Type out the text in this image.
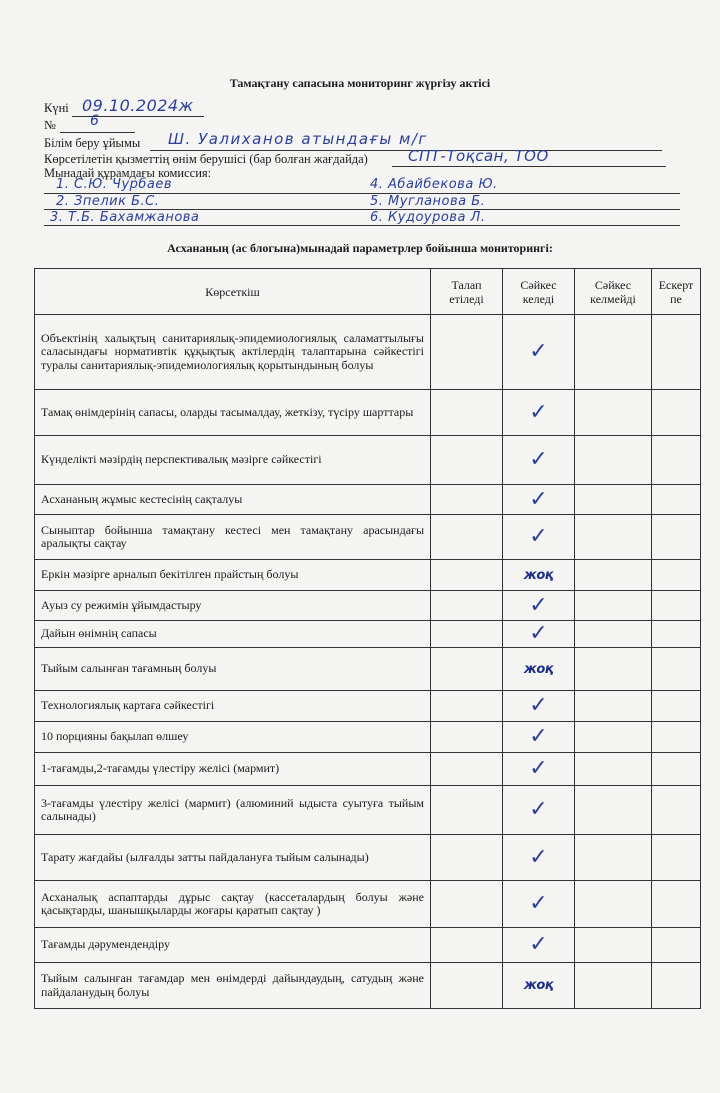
Тамақтану сапасына мониторинг жүргізу актісі
Күні 09.10.2024ж
№ 6
Білім беру ұйымы Ш. Уалиханов атындағы м/г
Көрсетілетін қызметтің өнім берушісі (бар болған жағдайда)	СПТ-Тоқсан, ТОО
Мынадай құрамдағы комиссия:
1. С.Ю. Чурбаев	4. Абайбекова Ю.
2. Зпелик Б.С.	5. Мугланова Б.
3. Т.Б. Бахамжанова	6. Кудоурова Л.
Асхананың (ас блогына)мынадай параметрлер бойынша мониторингі:
Көрсеткіш	Талап етіледі	Сәйкес келеді	Сәйкес келмейді	Ескертпе
Объектінің халықтың санитариялық-эпидемиологиялық саламаттылығы саласындағы нормативтік құқықтық актілердің талаптарына сәйкестігі туралы санитариялық-эпидемиологиялық қорытындының болуы		✓		
Тамақ өнімдерінің сапасы, оларды тасымалдау, жеткізу, түсіру шарттары		✓		
Күнделікті мәзірдің перспективалық мәзірге сәйкестігі		✓		
Асхананың жұмыс кестесінің сақталуы		✓		
Сыныптар бойынша тамақтану кестесі мен тамақтану арасындағы аралықты сақтау		✓		
Еркін мәзірге арналып бекітілген прайстың болуы		жоқ		
Ауыз су режимін ұйымдастыру		✓		
Дайын өнімнің сапасы		✓		
Тыйым салынған тағамның болуы		жоқ		
Технологиялық картаға сәйкестігі		✓		
10 порцияны бақылап өлшеу		✓		
1-тағамды,2-тағамды үлестіру желісі (мармит)		✓		
3-тағамды үлестіру желісі (мармит) (алюминий ыдыста суытуға тыйым салынады)		✓		
Тарату жағдайы (ылғалды затты пайдалануға тыйым салынады)		✓		
Асханалық аспаптарды дұрыс сақтау (кассеталардың болуы және қасықтарды, шанышқыларды жоғары қаратып сақтау )		✓		
Тағамды дәрумендендіру		✓		
Тыйым салынған тағамдар мен өнімдерді дайындаудың, сатудың және пайдаланудың болуы		жоқ		
